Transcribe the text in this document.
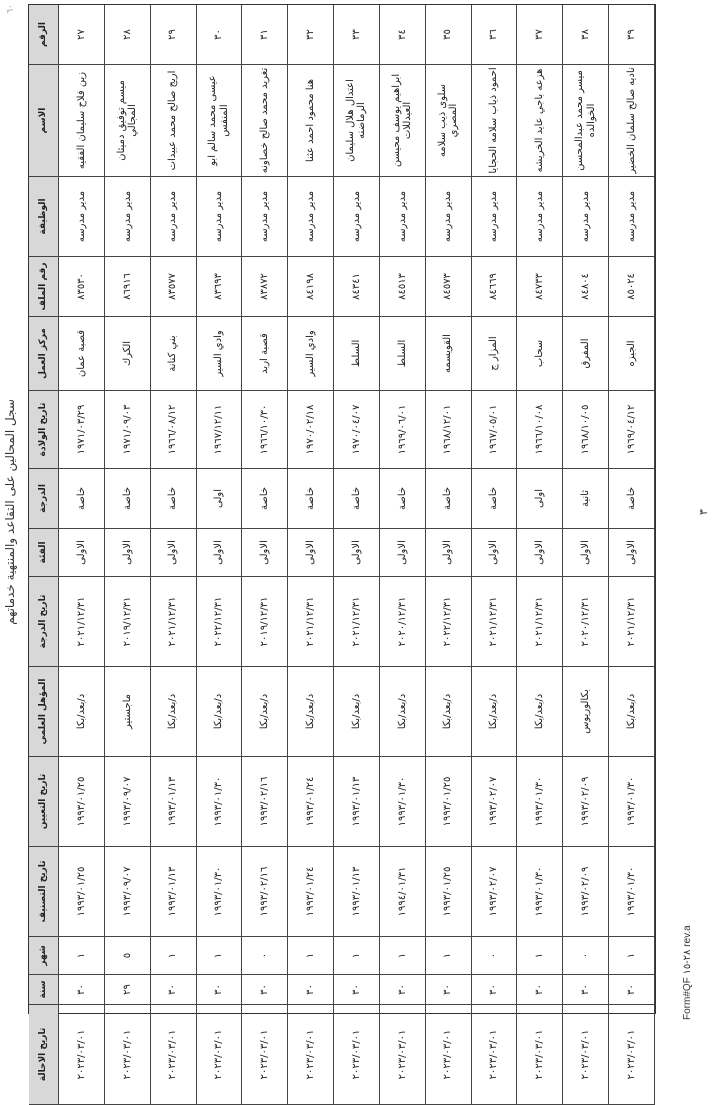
٦٠
سجل المحالين على التقاعد والمنتهية خدماتهم
الرقم
الاسم
الوظيفة
رقم الملف
مركز العمل
تاريخ الولادة
الدرجة
الفئة
تاريخ الدرجة
المؤهل العلمي
تاريخ التعيين
تاريخ التصنيف
شهر
سنة
تاريخ الاحالة
٢٧
زين فلاح سليمان الفقيه
مدير مدرسه
٨٣٥٣٠
قصبة عمان
١٩٧١/٠٣/٢٩
خاصة
الاولى
٢٠٢١/١٢/٣١
د/بعد/بكا
١٩٩٣/٠١/٢٥
١٩٩٣/٠١/٢٥
١
٣٠
٢٠٢٣/٠٣/٠١
٢٨
ميسم توفيق دميثان المجالي
مدير مدرسه
٨٦٩١٦
الكرك
١٩٧١/٠٩/٠٣
خاصة
الاولى
٢٠١٩/١٢/٣١
ماجستير
١٩٩٣/٠٩/٠٧
١٩٩٣/٠٩/٠٧
٥
٢٩
٢٠٢٣/٠٣/٠١
٢٩
اريج صالح محمد عبيدات
مدير مدرسه
٨٣٥٧٧
بني كنانة
١٩٦٦/٠٨/١٢
خاصة
الاولى
٢٠٢١/١٢/٣١
د/بعد/بكا
١٩٩٣/٠١/١٣
١٩٩٣/٠١/١٣
١
٣٠
٢٠٢٣/٠٣/٠١
٣٠
عيسى محمد سالم ابو المنفس
مدير مدرسه
٨٣٦٩٣
وادي السير
١٩٦٧/١٢/١١
اولى
الاولى
٢٠٢٢/١٢/٣١
د/بعد/بكا
١٩٩٣/٠١/٣٠
١٩٩٣/٠١/٣٠
١
٣٠
٢٠٢٣/٠٣/٠١
٣١
تغريد محمد صالح خصاونه
مدير مدرسه
٨٣٨٧٢
قصبة اربد
١٩٦٦/١٠/٣٠
خاصة
الاولى
٢٠١٩/١٢/٣١
د/بعد/بكا
١٩٩٣/٠٢/١٦
١٩٩٣/٠٢/١٦
٠
٣٠
٢٠٢٣/٠٣/٠١
٣٢
هنا محمود احمد عثنا
مدير مدرسه
٨٤١٩٨
وادي السير
١٩٧٠/٠٢/١٨
خاصة
الاولى
٢٠٢١/١٢/٣١
د/بعد/بكا
١٩٩٣/٠١/٢٤
١٩٩٣/٠١/٢٤
١
٣٠
٢٠٢٣/٠٣/٠١
٣٣
اعتدال هلال سليمان الرماضنه
مدير مدرسه
٨٤٣٤١
السلط
١٩٧٠/٠٤/٠٧
خاصة
الاولى
٢٠٢١/١٢/٣١
د/بعد/بكا
١٩٩٣/٠١/١٣
١٩٩٣/٠١/١٣
١
٣٠
٢٠٢٣/٠٣/٠١
٣٤
ابراهيم يوسف محيسن العبدللات
مدير مدرسه
٨٤٥١٣
السلط
١٩٦٩/٠٦/٠١
خاصة
الاولى
٢٠٢٠/١٢/٣١
د/بعد/بكا
١٩٩٣/٠١/٣٠
١٩٩٤/٠١/٣١
١
٣٠
٢٠٢٣/٠٣/٠١
٣٥
سلوى ذيب سلامه المصري
مدير مدرسه
٨٤٥٧٣
القويسمه
١٩٦٨/١٢/٠١
خاصة
الاولى
٢٠٢٢/١٢/٣١
د/بعد/بكا
١٩٩٣/٠١/٢٥
١٩٩٣/٠١/٢٥
١
٣٠
٢٠٢٣/٠٣/٠١
٣٦
احمود ذياب سلامه الحجايا
مدير مدرسه
٨٤٦٦٩
المزار ج
١٩٦٧/٠٥/٠١
خاصة
الاولى
٢٠٢١/١٢/٣١
د/بعد/بكا
١٩٩٣/٠٢/٠٧
١٩٩٣/٠٢/٠٧
٠
٣٠
٢٠٢٣/٠٣/٠١
٣٧
هزعه باجي عايد الخريشه
مدير مدرسه
٨٤٧٣٣
سحاب
١٩٦٦/١٠/٠٨
اولى
الاولى
٢٠٢١/١٢/٣١
د/بعد/بكا
١٩٩٣/٠١/٣٠
١٩٩٣/٠١/٣٠
١
٣٠
٢٠٢٣/٠٣/٠١
٣٨
ميسر محمد عبدالمحسن الخوالده
مدير مدرسه
٨٤٨٠٤
المفرق
١٩٦٨/١٠/٠٥
ثانية
الاولى
٢٠٢٠/١٢/٣١
بكالوريوس
١٩٩٣/٠٢/٠٩
١٩٩٣/٠٢/٠٩
٠
٣٠
٢٠٢٣/٠٣/٠١
٣٩
ناديه صالح سلمان الخضير
مدير مدرسه
٨٥٠٢٤
الجيزه
١٩٦٩/٠٤/١٢
خاصة
الاولى
٢٠٢١/١٢/٣١
د/بعد/بكا
١٩٩٣/٠١/٣٠
١٩٩٣/٠١/٣٠
١
٣٠
٢٠٢٣/٠٣/٠١
Form#QF ٢٨-١٥ rev.a
٣
